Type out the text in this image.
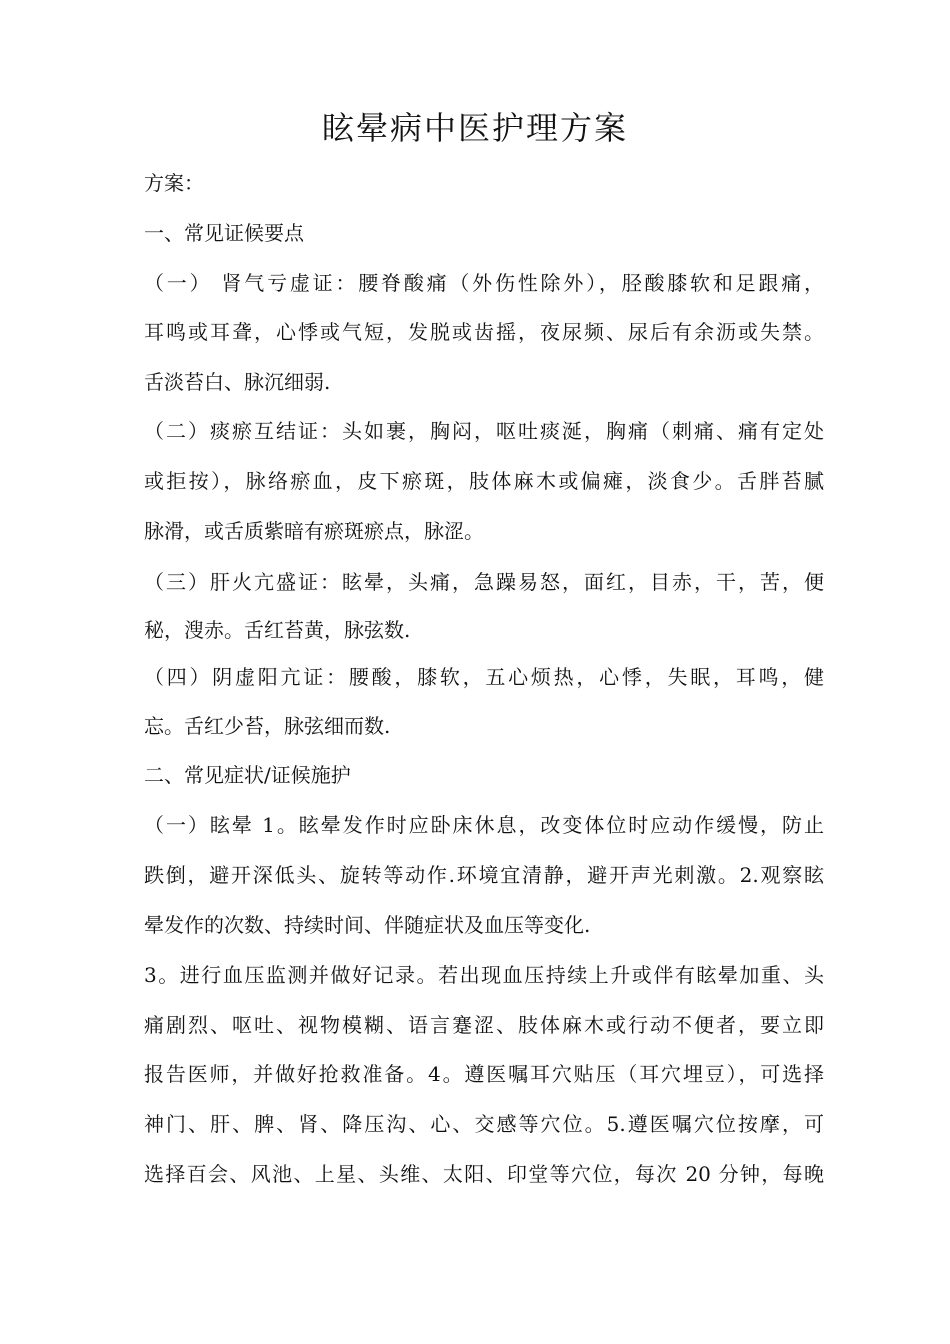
眩晕病中医护理方案
方案：
一、常见证候要点
（一） 肾气亏虚证：腰脊酸痛（外伤性除外），胫酸膝软和足跟痛，
耳鸣或耳聋，心悸或气短，发脱或齿摇，夜尿频、尿后有余沥或失禁。
舌淡苔白、脉沉细弱.
（二）痰瘀互结证：头如裹，胸闷，呕吐痰涎，胸痛（刺痛、痛有定处
或拒按），脉络瘀血，皮下瘀斑，肢体麻木或偏瘫，淡食少。舌胖苔腻
脉滑，或舌质紫暗有瘀斑瘀点，脉涩。
（三）肝火亢盛证：眩晕，头痛，急躁易怒，面红，目赤，干，苦，便
秘，溲赤。舌红苔黄，脉弦数.
（四）阴虚阳亢证：腰酸，膝软，五心烦热，心悸，失眠，耳鸣，健
忘。舌红少苔，脉弦细而数.
二、常见症状/证候施护
（一）眩晕 1。眩晕发作时应卧床休息，改变体位时应动作缓慢，防止
跌倒，避开深低头、旋转等动作.环境宜清静，避开声光刺激。2.观察眩
晕发作的次数、持续时间、伴随症状及血压等变化.
3。进行血压监测并做好记录。若出现血压持续上升或伴有眩晕加重、头
痛剧烈、呕吐、视物模糊、语言蹇涩、肢体麻木或行动不便者，要立即
报告医师，并做好抢救准备。4。遵医嘱耳穴贴压（耳穴埋豆），可选择
神门、肝、脾、肾、降压沟、心、交感等穴位。5.遵医嘱穴位按摩，可
选择百会、风池、上星、头维、太阳、印堂等穴位，每次 20 分钟，每晚
